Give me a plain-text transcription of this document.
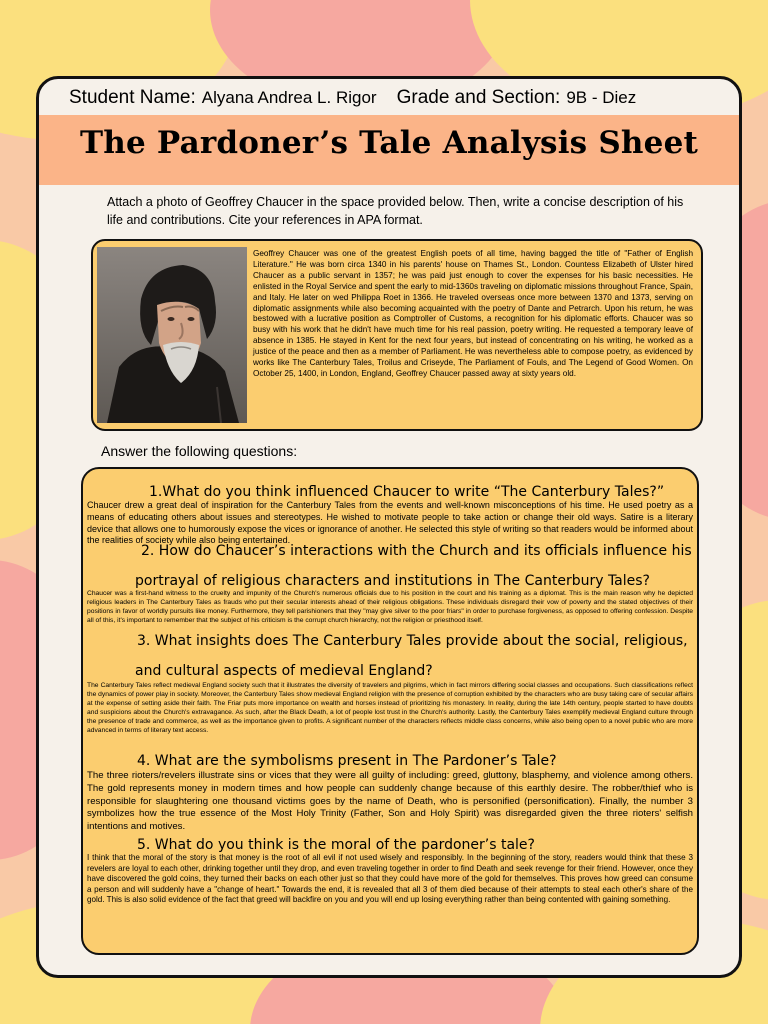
Student Name: Alyana Andrea L. Rigor Grade and Section: 9B - Diez
The Pardoner’s Tale Analysis Sheet
Attach a photo of Geoffrey Chaucer in the space provided below. Then, write a concise description of his life and contributions. Cite your references in APA format.
Geoffrey Chaucer was one of the greatest English poets of all time, having bagged the title of "Father of English Literature." He was born circa 1340 in his parents' house on Thames St., London. Countess Elizabeth of Ulster hired Chaucer as a public servant in 1357; he was paid just enough to cover the expenses for his basic necessities. He enlisted in the Royal Service and spent the early to mid-1360s traveling on diplomatic missions throughout France, Spain, and Italy. He later on wed Philippa Roet in 1366. He traveled overseas once more between 1370 and 1373, serving on diplomatic assignments while also becoming acquainted with the poetry of Dante and Petrarch. Upon his return, he was bestowed with a lucrative position as Comptroller of Customs, a recognition for his diplomatic efforts. Chaucer was so busy with his work that he didn't have much time for his real passion, poetry writing. He requested a temporary leave of absence in 1385. He stayed in Kent for the next four years, but instead of concentrating on his writing, he worked as a justice of the peace and then as a member of Parliament. He was nevertheless able to compose poetry, as evidenced by works like The Canterbury Tales, Troilus and Criseyde, The Parliament of Fouls, and The Legend of Good Women. On October 25, 1400, in London, England, Geoffrey Chaucer passed away at sixty years old.
Answer the following questions:
1.What do you think influenced Chaucer to write “The Canterbury Tales?”
Chaucer drew a great deal of inspiration for the Canterbury Tales from the events and well-known misconceptions of his time. He used poetry as a means of educating others about issues and stereotypes. He wished to motivate people to take action or change their old ways. Satire is a literary device that allows one to humorously expose the vices or ignorance of another. He selected this style of writing so that readers would be informed about the realities of society while also being entertained.
2. How do Chaucer’s interactions with the Church and its officials influence his
portrayal of religious characters and institutions in The Canterbury Tales?
Chaucer was a first-hand witness to the cruelty and impunity of the Church's numerous officials due to his position in the court and his training as a diplomat. This is the main reason why he depicted religious leaders in The Canterbury Tales as frauds who put their secular interests ahead of their religious obligations. These individuals disregard their vow of poverty and the stated objectives of their positions in favor of worldly pursuits like money. Furthermore, they tell parishioners that they "may give silver to the poor friars" in order to purchase forgiveness, as opposed to offering confession. Despite all of this, it's important to remember that the subject of his criticism is the corrupt church hierarchy, not the religion or priesthood itself.
3. What insights does The Canterbury Tales provide about the social, religious,
and cultural aspects of medieval England?
The Canterbury Tales reflect medieval England society such that it illustrates the diversity of travelers and pilgrims, which in fact mirrors differing social classes and occupations. Such classifications reflect the dynamics of power play in society. Moreover, the Canterbury Tales show medieval England religion with the presence of corruption exhibited by the characters who are busy taking care of secular affairs at the expense of setting aside their faith. The Friar puts more importance on wealth and horses instead of prioritizing his monastery. In reality, during the late 14th century, people started to have doubts and suspicions about the Church's extravagance. As such, after the Black Death, a lot of people lost trust in the Church's authority. Lastly, the Canterbury Tales exemplify medieval England culture through the presence of trade and commerce, as well as the importance given to profits. A significant number of the characters reflects middle class concerns, while also being open to a novel public who are more advanced in terms of literary text access.
4. What are the symbolisms present in The Pardoner’s Tale?
The three rioters/revelers illustrate sins or vices that they were all guilty of including: greed, gluttony, blasphemy, and violence among others. The gold represents money in modern times and how people can suddenly change because of this earthly desire. The robber/thief who is responsible for slaughtering one thousand victims goes by the name of Death, who is personified (personification). Finally, the number 3 symbolizes how the true essence of the Most Holy Trinity (Father, Son and Holy Spirit) was disregarded given the three rioters' selfish intentions and motives.
5. What do you think is the moral of the pardoner’s tale?
I think that the moral of the story is that money is the root of all evil if not used wisely and responsibly. In the beginning of the story, readers would think that these 3 revelers are loyal to each other, drinking together until they drop, and even traveling together in order to find Death and seek revenge for their friend. However, once they have discovered the gold coins, they turned their backs on each other just so that they could have more of the gold for themselves. This proves how greed can consume a person and will suddenly have a "change of heart." Towards the end, it is revealed that all 3 of them died because of their attempts to steal each other's share of the gold. This is also solid evidence of the fact that greed will backfire on you and you will end up losing everything rather than being contented with gaining something.
